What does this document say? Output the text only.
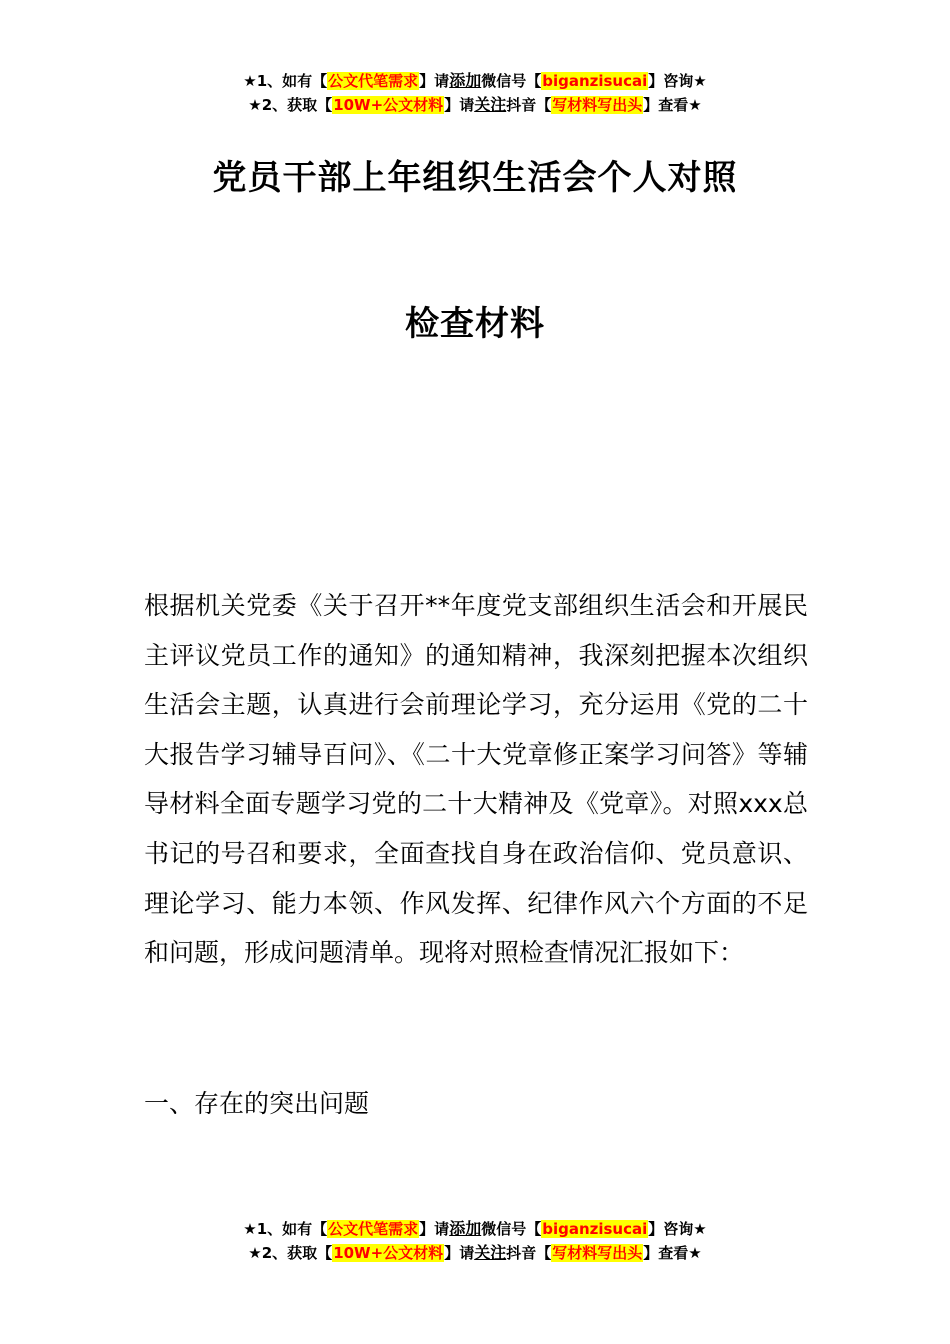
★1、如有【公文代笔需求】请添加微信号【biganzisucai】咨询★
★2、获取【10W+公文材料】请关注抖音【写材料写出头】查看★
党员干部上年组织生活会个人对照
检查材料
根据机关党委《关于召开**年度党支部组织生活会和开展民主评议党员工作的通知》的通知精神，我深刻把握本次组织生活会主题，认真进行会前理论学习，充分运用《党的二十大报告学习辅导百问》、《二十大党章修正案学习问答》等辅导材料全面专题学习党的二十大精神及《党章》。对照xxx总书记的号召和要求，全面查找自身在政治信仰、党员意识、理论学习、能力本领、作风发挥、纪律作风六个方面的不足和问题，形成问题清单。现将对照检查情况汇报如下：
一、存在的突出问题
★1、如有【公文代笔需求】请添加微信号【biganzisucai】咨询★
★2、获取【10W+公文材料】请关注抖音【写材料写出头】查看★
